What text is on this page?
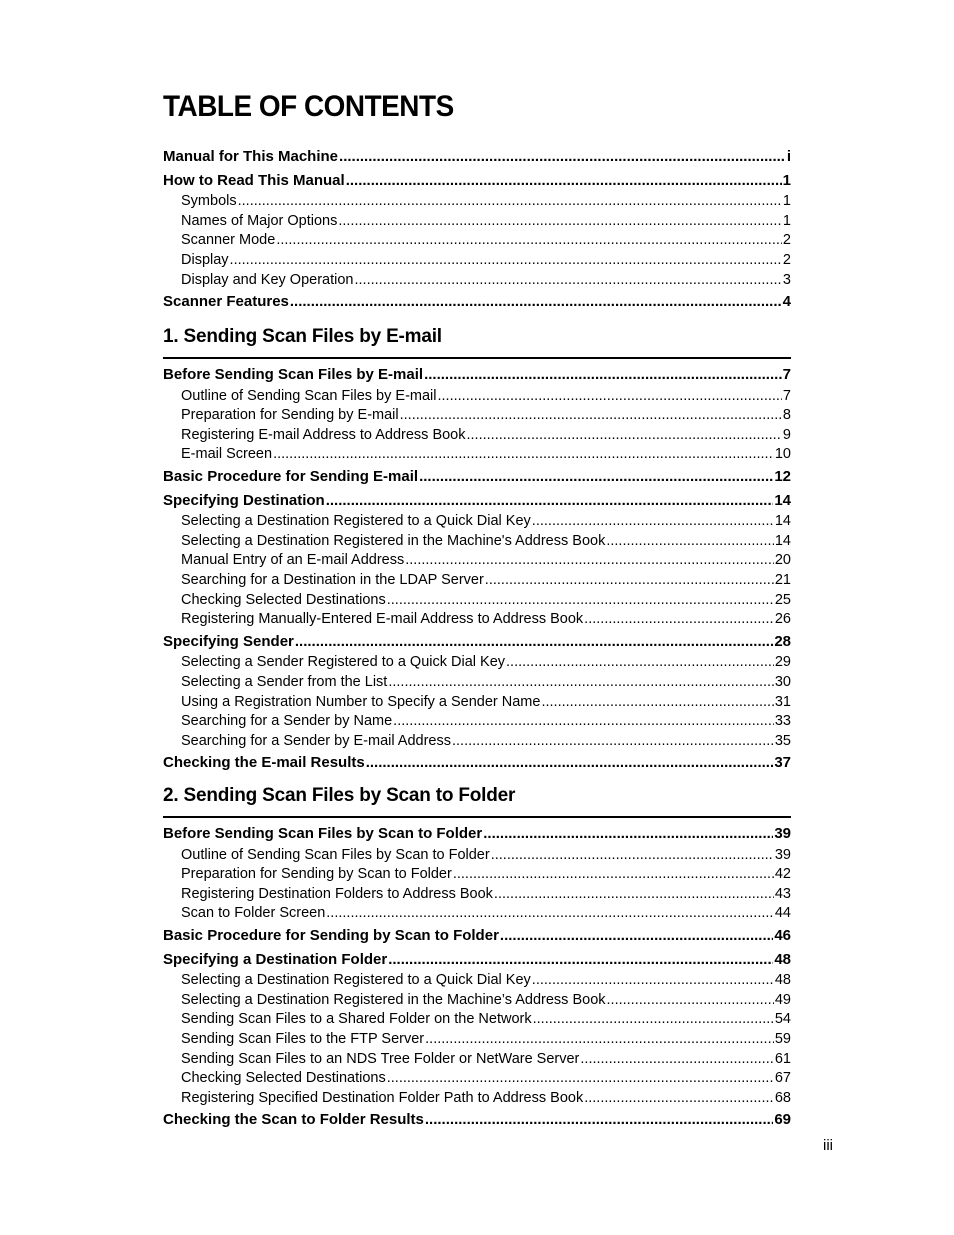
TABLE OF CONTENTS
Manual for This Machine .....	i
How to Read This Manual .....	1
Symbols .....	1
Names of Major Options .....	1
Scanner Mode .....	2
Display .....	2
Display and Key Operation .....	3
Scanner Features .....	4
1. Sending Scan Files by E-mail
Before Sending Scan Files by E-mail .....	7
Outline of Sending Scan Files by E-mail .....	7
Preparation for Sending by E-mail .....	8
Registering E-mail Address to Address Book .....	9
E-mail Screen .....	10
Basic Procedure for Sending E-mail .....	12
Specifying Destination .....	14
Selecting a Destination Registered to a Quick Dial Key .....	14
Selecting a Destination Registered in the Machine's Address Book .....	14
Manual Entry of an E-mail Address .....	20
Searching for a Destination in the LDAP Server .....	21
Checking Selected Destinations .....	25
Registering Manually-Entered E-mail Address to Address Book .....	26
Specifying Sender .....	28
Selecting a Sender Registered to a Quick Dial Key .....	29
Selecting a Sender from the List .....	30
Using a Registration Number to Specify a Sender Name .....	31
Searching for a Sender by Name .....	33
Searching for a Sender by E-mail Address .....	35
Checking the E-mail Results .....	37
2. Sending Scan Files by Scan to Folder
Before Sending Scan Files by Scan to Folder .....	39
Outline of Sending Scan Files by Scan to Folder .....	39
Preparation for Sending by Scan to Folder .....	42
Registering Destination Folders to Address Book .....	43
Scan to Folder Screen .....	44
Basic Procedure for Sending by Scan to Folder .....	46
Specifying a Destination Folder .....	48
Selecting a Destination Registered to a Quick Dial Key .....	48
Selecting a Destination Registered in the Machine’s Address Book .....	49
Sending Scan Files to a Shared Folder on the Network .....	54
Sending Scan Files to the FTP Server .....	59
Sending Scan Files to an NDS Tree Folder or NetWare Server .....	61
Checking Selected Destinations .....	67
Registering Specified Destination Folder Path to Address Book .....	68
Checking the Scan to Folder Results .....	69
iii
